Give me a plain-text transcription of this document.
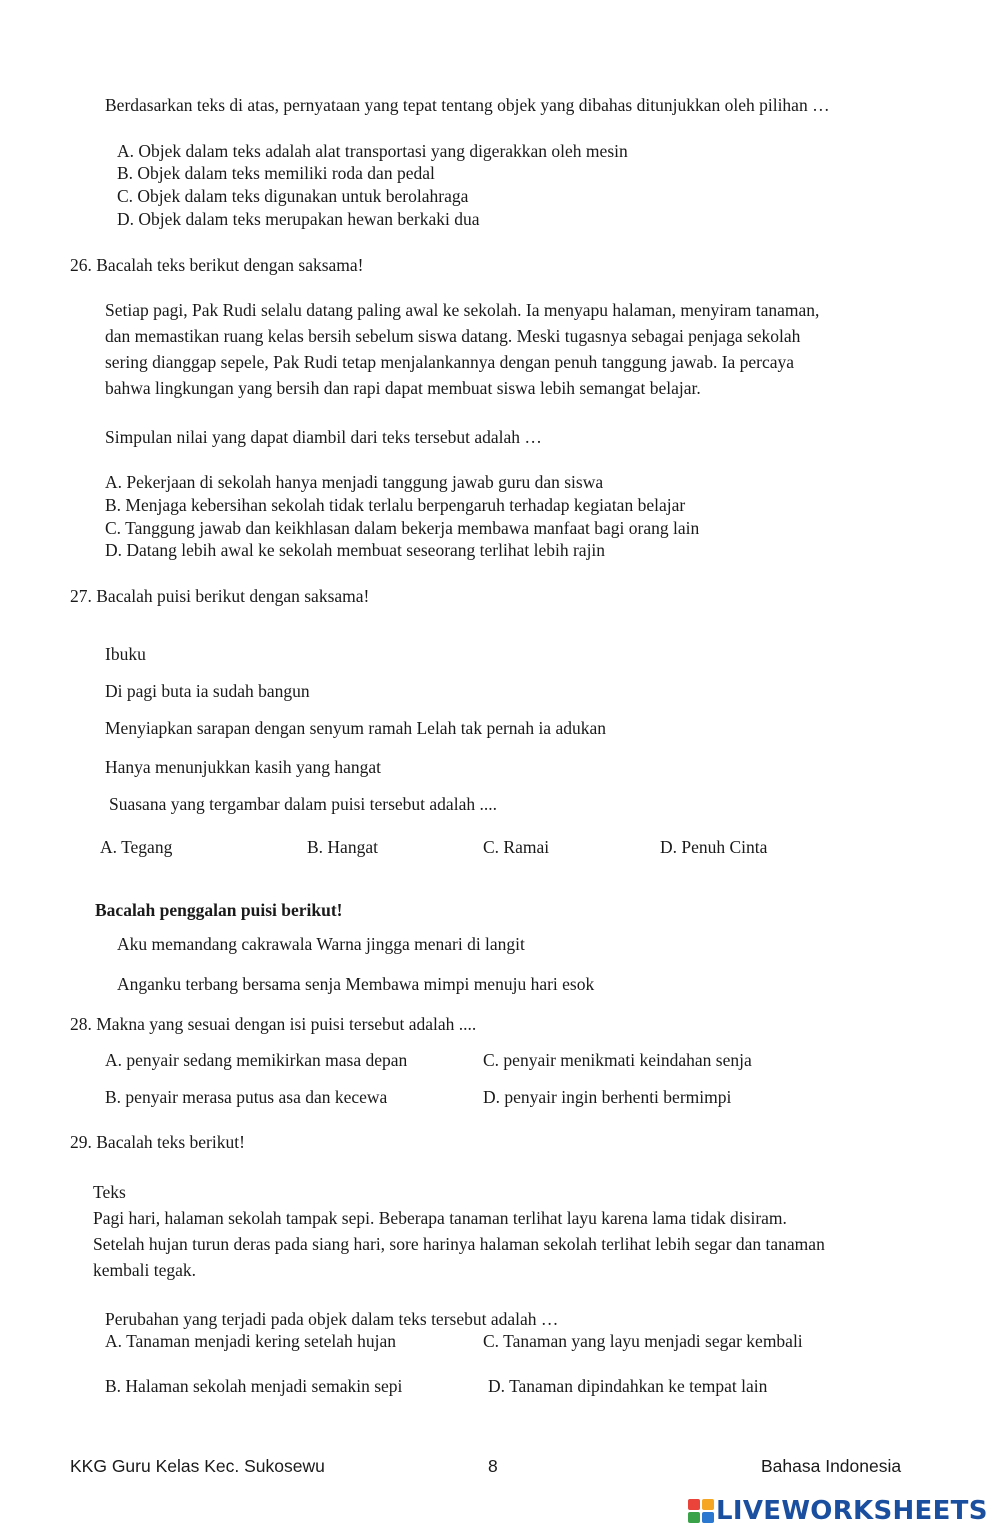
Berdasarkan teks di atas, pernyataan yang tepat tentang objek yang dibahas ditunjukkan oleh pilihan …
A. Objek dalam teks adalah alat transportasi yang digerakkan oleh mesin
B. Objek dalam teks memiliki roda dan pedal
C. Objek dalam teks digunakan untuk berolahraga
D. Objek dalam teks merupakan hewan berkaki dua
26. Bacalah teks berikut dengan saksama!
Setiap pagi, Pak Rudi selalu datang paling awal ke sekolah. Ia menyapu halaman, menyiram tanaman,
dan memastikan ruang kelas bersih sebelum siswa datang. Meski tugasnya sebagai penjaga sekolah
sering dianggap sepele, Pak Rudi tetap menjalankannya dengan penuh tanggung jawab. Ia percaya
bahwa lingkungan yang bersih dan rapi dapat membuat siswa lebih semangat belajar.
Simpulan nilai yang dapat diambil dari teks tersebut adalah …
A. Pekerjaan di sekolah hanya menjadi tanggung jawab guru dan siswa
B. Menjaga kebersihan sekolah tidak terlalu berpengaruh terhadap kegiatan belajar
C. Tanggung jawab dan keikhlasan dalam bekerja membawa manfaat bagi orang lain
D. Datang lebih awal ke sekolah membuat seseorang terlihat lebih rajin
27. Bacalah puisi berikut dengan saksama!
Ibuku
Di pagi buta ia sudah bangun
Menyiapkan sarapan dengan senyum ramah Lelah tak pernah ia adukan
Hanya menunjukkan kasih yang hangat
Suasana yang tergambar dalam puisi tersebut adalah ....
A. Tegang	B. Hangat	C. Ramai	D. Penuh Cinta
Bacalah penggalan puisi berikut!
Aku memandang cakrawala Warna jingga menari di langit
Anganku terbang bersama senja Membawa mimpi menuju hari esok
28. Makna yang sesuai dengan isi puisi tersebut adalah ....
A. penyair sedang memikirkan masa depan	C. penyair menikmati keindahan senja
B. penyair merasa putus asa dan kecewa	D. penyair ingin berhenti bermimpi
29. Bacalah teks berikut!
Teks
Pagi hari, halaman sekolah tampak sepi. Beberapa tanaman terlihat layu karena lama tidak disiram.
Setelah hujan turun deras pada siang hari, sore harinya halaman sekolah terlihat lebih segar dan tanaman
kembali tegak.
Perubahan yang terjadi pada objek dalam teks tersebut adalah …
A. Tanaman menjadi kering setelah hujan	C. Tanaman yang layu menjadi segar kembali
B. Halaman sekolah menjadi semakin sepi	D. Tanaman dipindahkan ke tempat lain
KKG Guru Kelas Kec. Sukosewu	8	Bahasa Indonesia
LIVEWORKSHEETS
